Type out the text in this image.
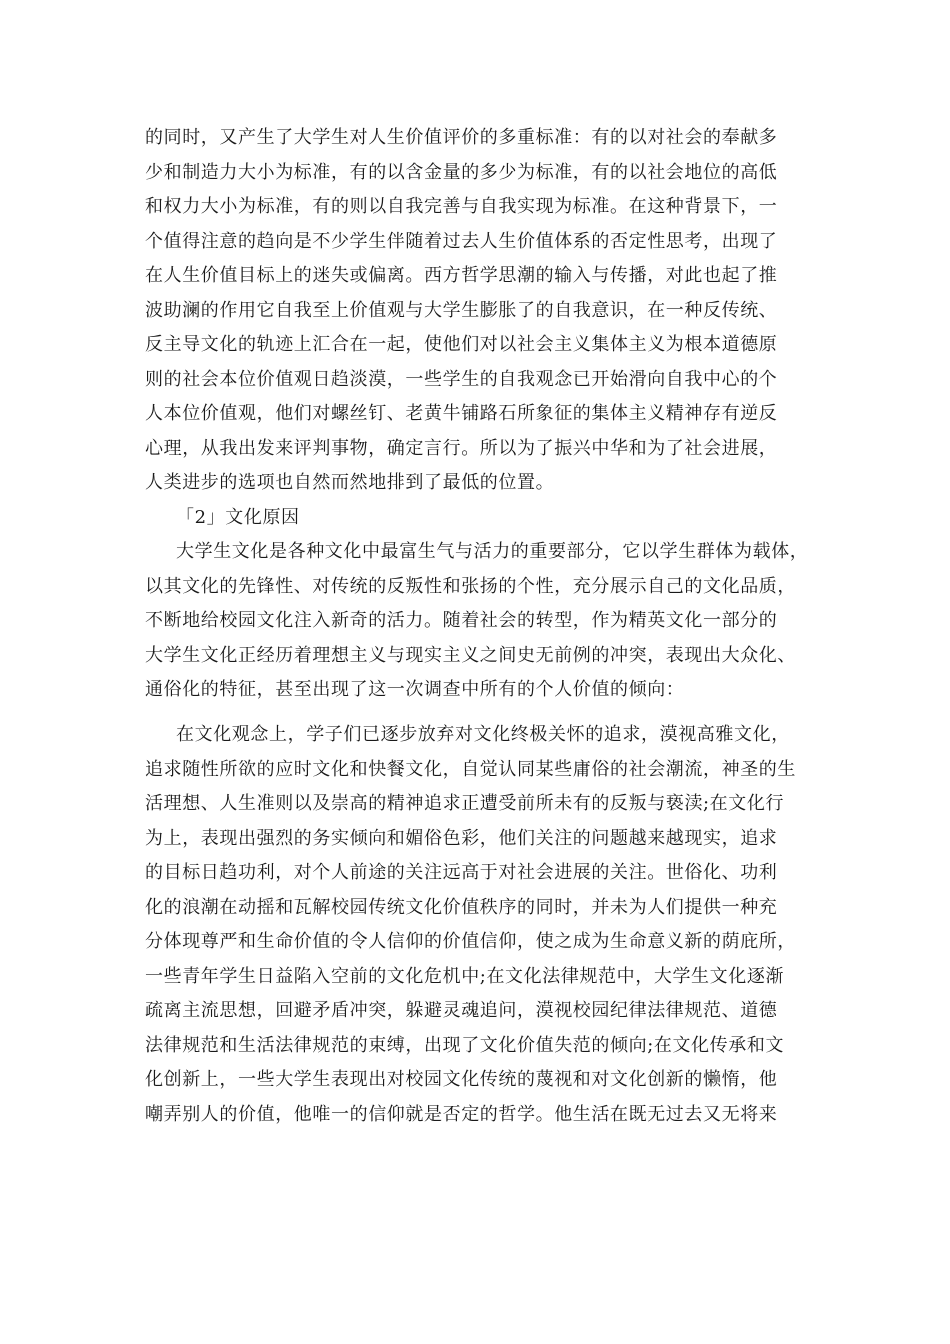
的同时，又产生了大学生对人生价值评价的多重标准：有的以对社会的奉献多
少和制造力大小为标准，有的以含金量的多少为标准，有的以社会地位的高低
和权力大小为标准，有的则以自我完善与自我实现为标准。在这种背景下，一
个值得注意的趋向是不少学生伴随着过去人生价值体系的否定性思考，出现了
在人生价值目标上的迷失或偏离。西方哲学思潮的输入与传播，对此也起了推
波助澜的作用它自我至上价值观与大学生膨胀了的自我意识，在一种反传统、
反主导文化的轨迹上汇合在一起，使他们对以社会主义集体主义为根本道德原
则的社会本位价值观日趋淡漠，一些学生的自我观念已开始滑向自我中心的个
人本位价值观，他们对螺丝钉、老黄牛铺路石所象征的集体主义精神存有逆反
心理，从我出发来评判事物，确定言行。所以为了振兴中华和为了社会进展，
人类进步的选项也自然而然地排到了最低的位置。
「2」文化原因
大学生文化是各种文化中最富生气与活力的重要部分，它以学生群体为载体，
以其文化的先锋性、对传统的反叛性和张扬的个性，充分展示自己的文化品质，
不断地给校园文化注入新奇的活力。随着社会的转型，作为精英文化一部分的
大学生文化正经历着理想主义与现实主义之间史无前例的冲突，表现出大众化、
通俗化的特征，甚至出现了这一次调查中所有的个人价值的倾向：
在文化观念上，学子们已逐步放弃对文化终极关怀的追求，漠视高雅文化，
追求随性所欲的应时文化和快餐文化，自觉认同某些庸俗的社会潮流，神圣的生
活理想、人生准则以及崇高的精神追求正遭受前所未有的反叛与亵渎;在文化行
为上，表现出强烈的务实倾向和媚俗色彩，他们关注的问题越来越现实，追求
的目标日趋功利，对个人前途的关注远高于对社会进展的关注。世俗化、功利
化的浪潮在动摇和瓦解校园传统文化价值秩序的同时，并未为人们提供一种充
分体现尊严和生命价值的令人信仰的价值信仰，使之成为生命意义新的荫庇所，
一些青年学生日益陷入空前的文化危机中;在文化法律规范中，大学生文化逐渐
疏离主流思想，回避矛盾冲突，躲避灵魂追问，漠视校园纪律法律规范、道德
法律规范和生活法律规范的束缚，出现了文化价值失范的倾向;在文化传承和文
化创新上，一些大学生表现出对校园文化传统的蔑视和对文化创新的懒惰，他
嘲弄别人的价值，他唯一的信仰就是否定的哲学。他生活在既无过去又无将来
